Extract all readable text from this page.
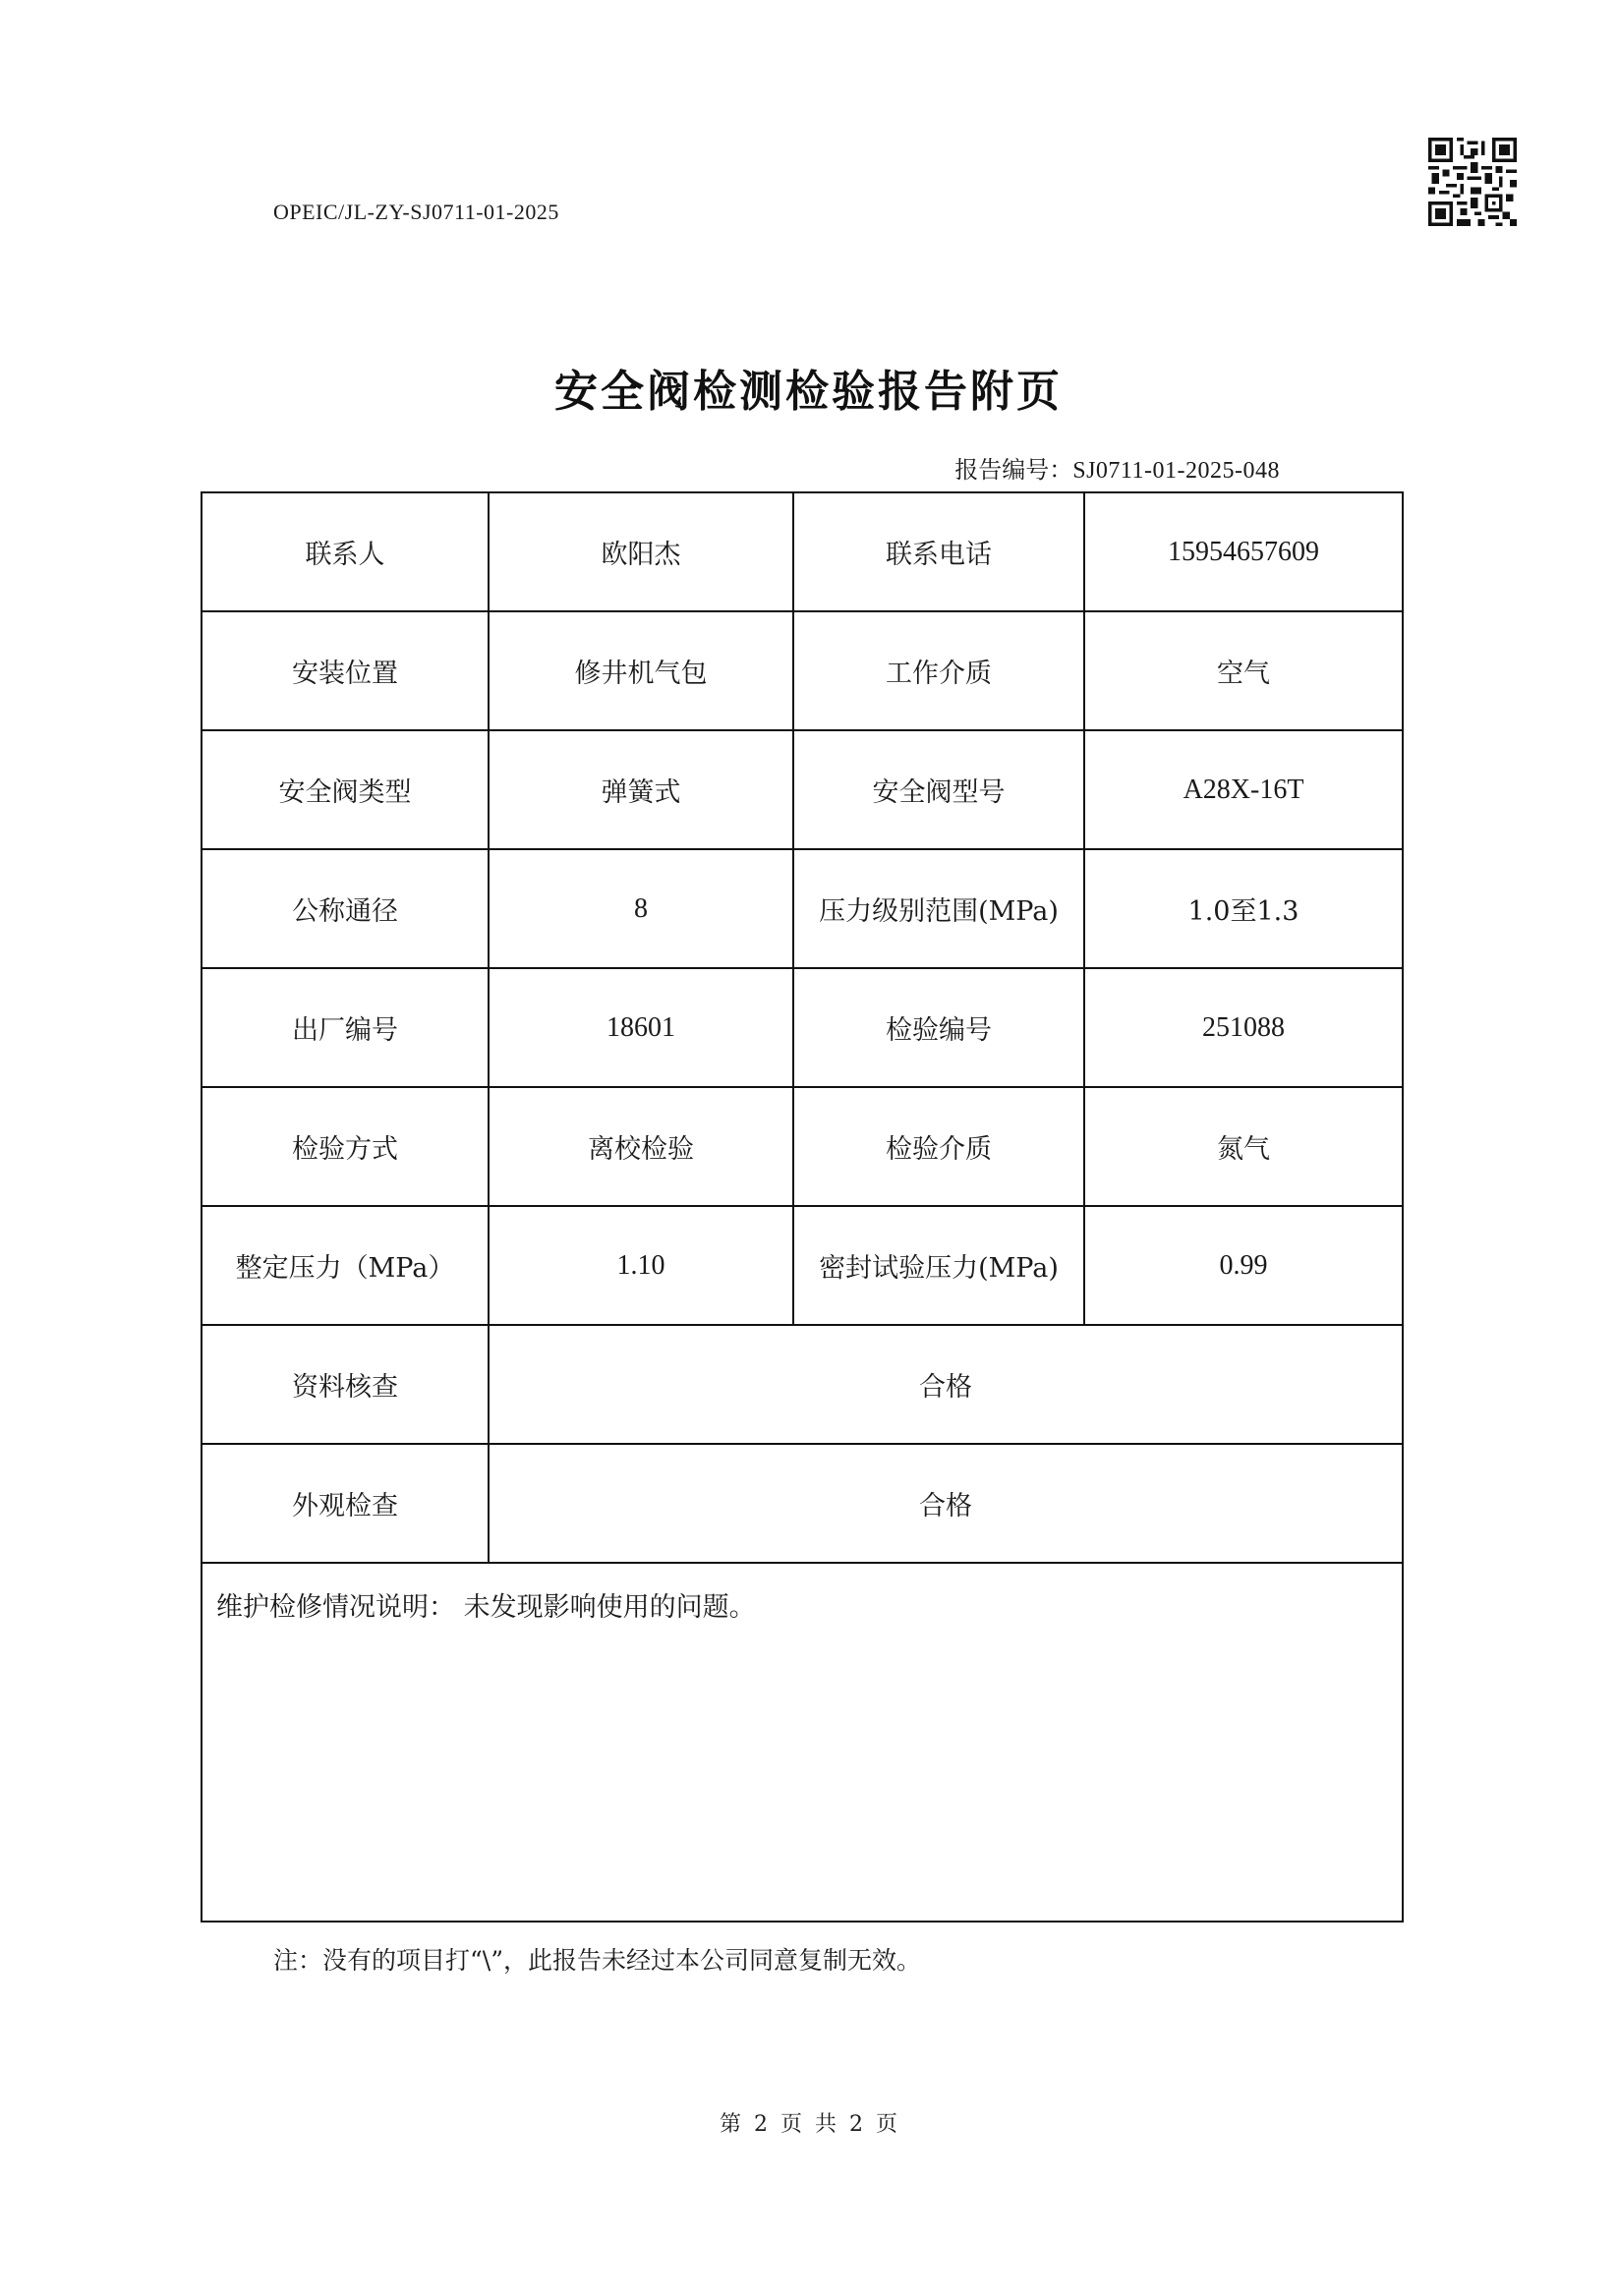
OPEIC/JL-ZY-SJ0711-01-2025
安全阀检测检验报告附页
报告编号：SJ0711-01-2025-048
联系人	欧阳杰	联系电话	15954657609
安装位置	修井机气包	工作介质	空气
安全阀类型	弹簧式	安全阀型号	A28X-16T
公称通径	8	压力级别范围(MPa)	1.0至1.3
出厂编号	18601	检验编号	251088
检验方式	离校检验	检验介质	氮气
整定压力（MPa）	1.10	密封试验压力(MPa)	0.99
资料核查	合格		
外观检查	合格		
维护检修情况说明： 未发现影响使用的问题。			
注：没有的项目打“\”，此报告未经过本公司同意复制无效。
第 2 页 共 2 页
